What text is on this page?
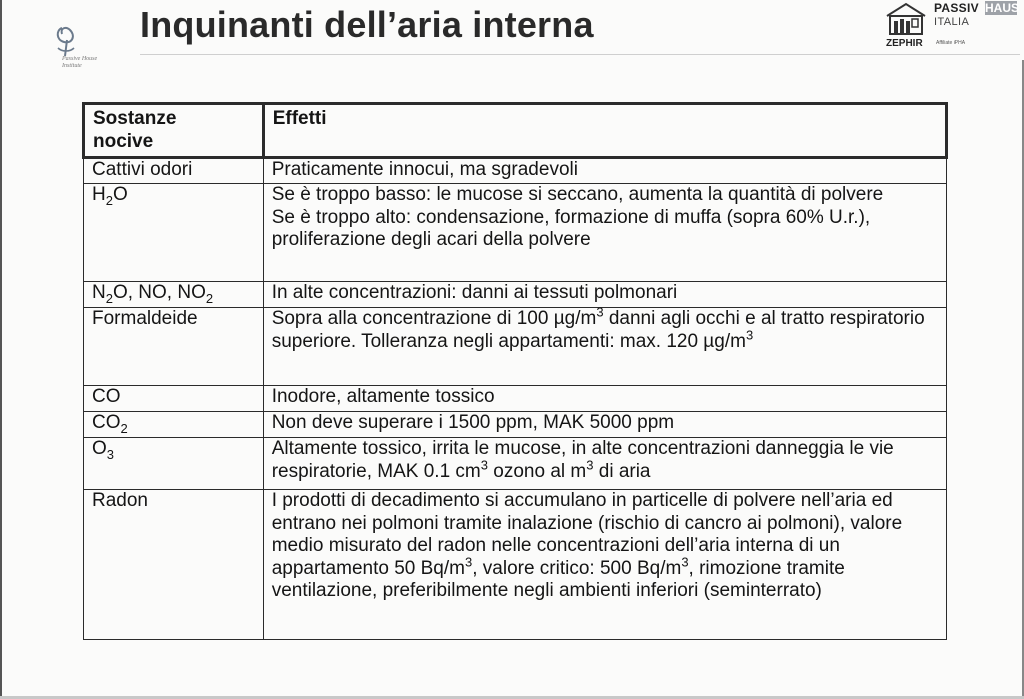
Passive House
Institute
Inquinanti dell’aria interna	PASSIV HAUS
ITALIA
ZEPHIR	Affiliate iPHA
Sostanze
nocive	Effetti
Cattivi odori	Praticamente innocui, ma sgradevoli
$H_2O$	Se è troppo basso: le mucose si seccano, aumenta la quantità di polvere
Se è troppo alto: condensazione, formazione di muffa (sopra 60% U.r.), proliferazione degli acari della polvere

$N_2O$, NO, $NO_2$	In alte concentrazioni: danni ai tessuti polmonari
Formaldeide	Sopra alla concentrazione di 100 $\mu g/m^3$ danni agli occhi e al tratto respiratorio superiore. Tolleranza negli appartamenti: max. 120 $\mu g/m^3$
CO	Inodore, altamente tossico
$CO_2$	Non deve superare i 1500 ppm, MAK 5000 ppm
$O_3$	Altamente tossico, irrita le mucose, in alte concentrazioni danneggia le vie respiratorie, MAK 0.1 $cm^3$ ozono al $m^3$ di aria
Radon	I prodotti di decadimento si accumulano in particelle di polvere nell’aria ed entrano nei polmoni tramite inalazione (rischio di cancro ai polmoni), valore medio misurato del radon nelle concentrazioni dell’aria interna di un appartamento 50 $Bq/m^3$, valore critico: 500 $Bq/m^3$, rimozione tramite ventilazione, preferibilmente negli ambienti inferiori (seminterrato)
